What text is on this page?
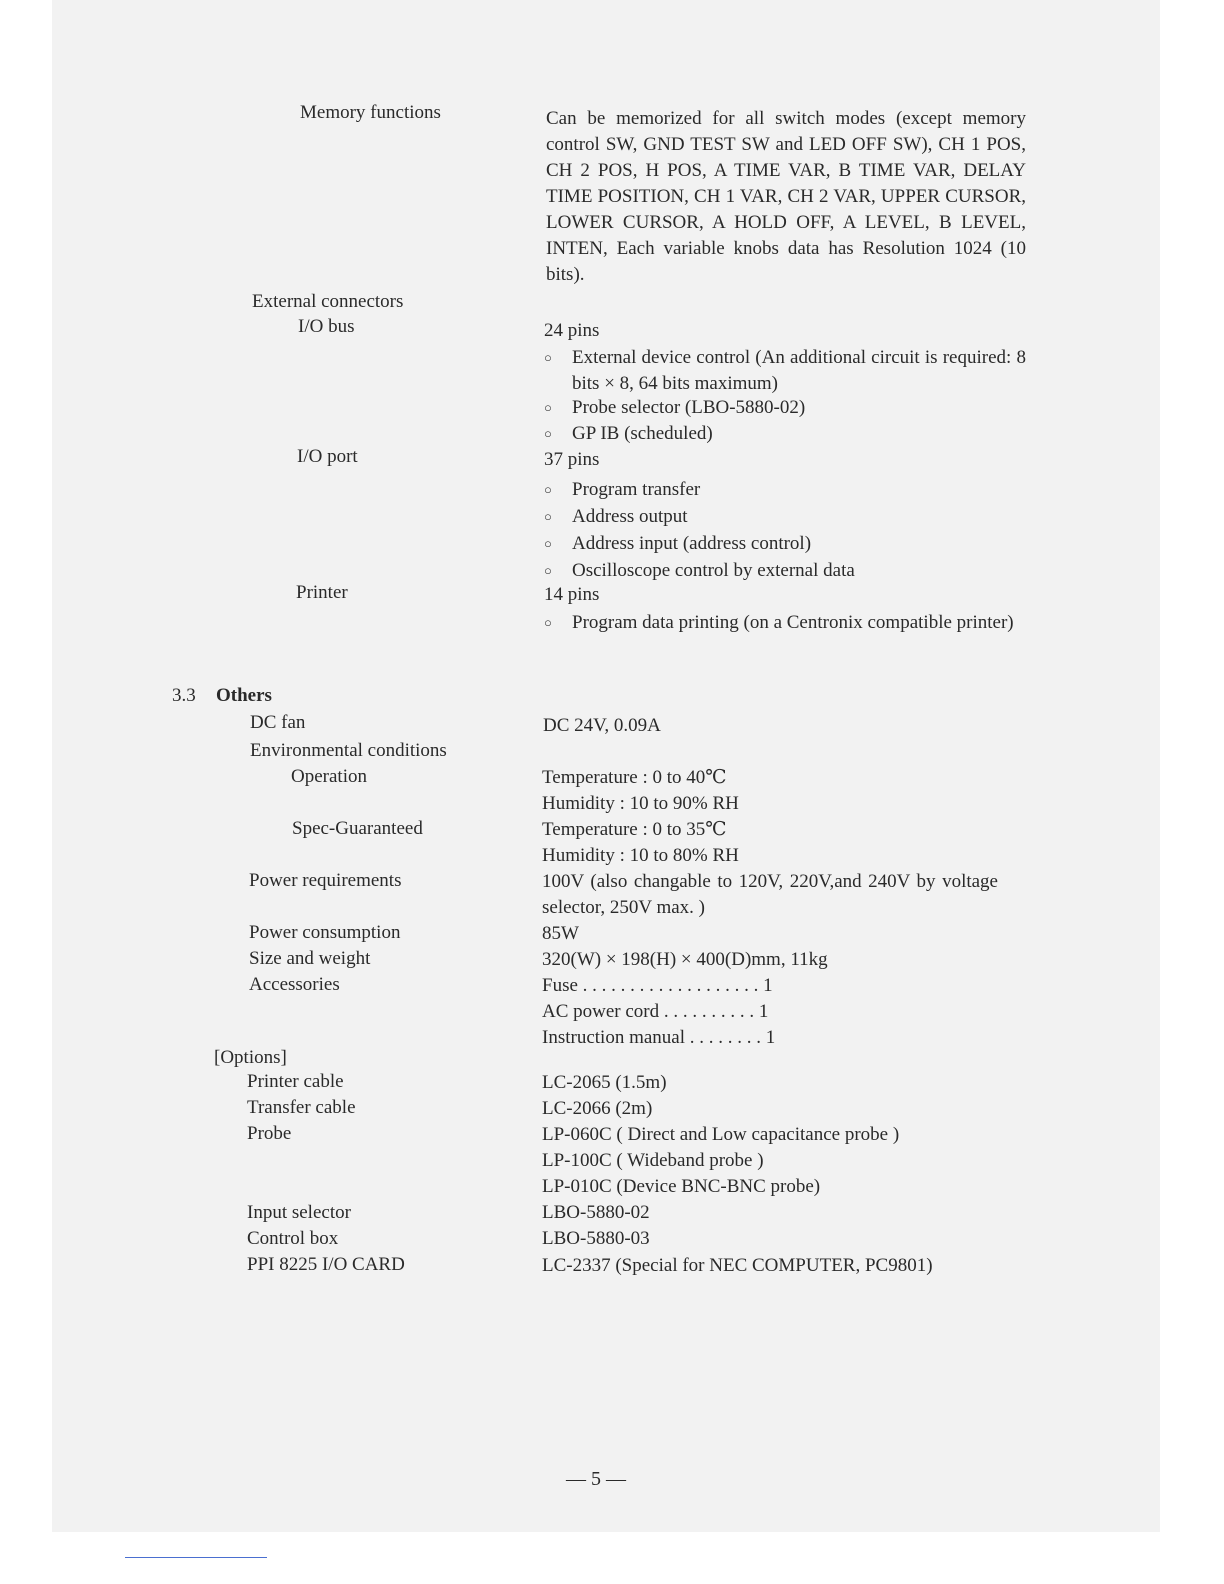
Memory functions	Can be memorized for all switch modes (except memory control SW, GND TEST SW and LED OFF SW), CH 1 POS, CH 2 POS, H POS, A TIME VAR, B TIME VAR, DELAY TIME POSITION, CH 1 VAR, CH 2 VAR, UPPER CURSOR, LOWER CURSOR, A HOLD OFF, A LEVEL, B LEVEL, INTEN, Each variable knobs data has Resolution 1024 (10 bits).
External connectors
I/O bus	24 pins
○ External device control (An additional circuit is required: 8 bits × 8, 64 bits maximum)
○ Probe selector (LBO-5880-02)
○ GP IB (scheduled)
I/O port	37 pins
○ Program transfer
○ Address output
○ Address input (address control)
○ Oscilloscope control by external data
Printer	14 pins
○ Program data printing (on a Centronix compatible printer)
3.3 Others
DC fan	DC 24V, 0.09A
Environmental conditions
Operation	Temperature : 0 to 40℃
Humidity : 10 to 90% RH
Spec-Guaranteed	Temperature : 0 to 35℃
Humidity : 10 to 80% RH
Power requirements	100V (also changable to 120V, 220V,and 240V by voltage selector, 250V max. )
Power consumption	85W
Size and weight	320(W) × 198(H) × 400(D)mm, 11kg
Accessories	Fuse . . . . . . . . . . . . . . . . . . . 1
AC power cord . . . . . . . . . . 1
Instruction manual . . . . . . . . 1
[Options]
Printer cable	LC-2065 (1.5m)
Transfer cable	LC-2066 (2m)
Probe	LP-060C ( Direct and Low capacitance probe )
LP-100C ( Wideband probe )
LP-010C (Device BNC-BNC probe)
Input selector	LBO-5880-02
Control box	LBO-5880-03
PPI 8225 I/O CARD	LC-2337 (Special for NEC COMPUTER, PC9801)
— 5 —
